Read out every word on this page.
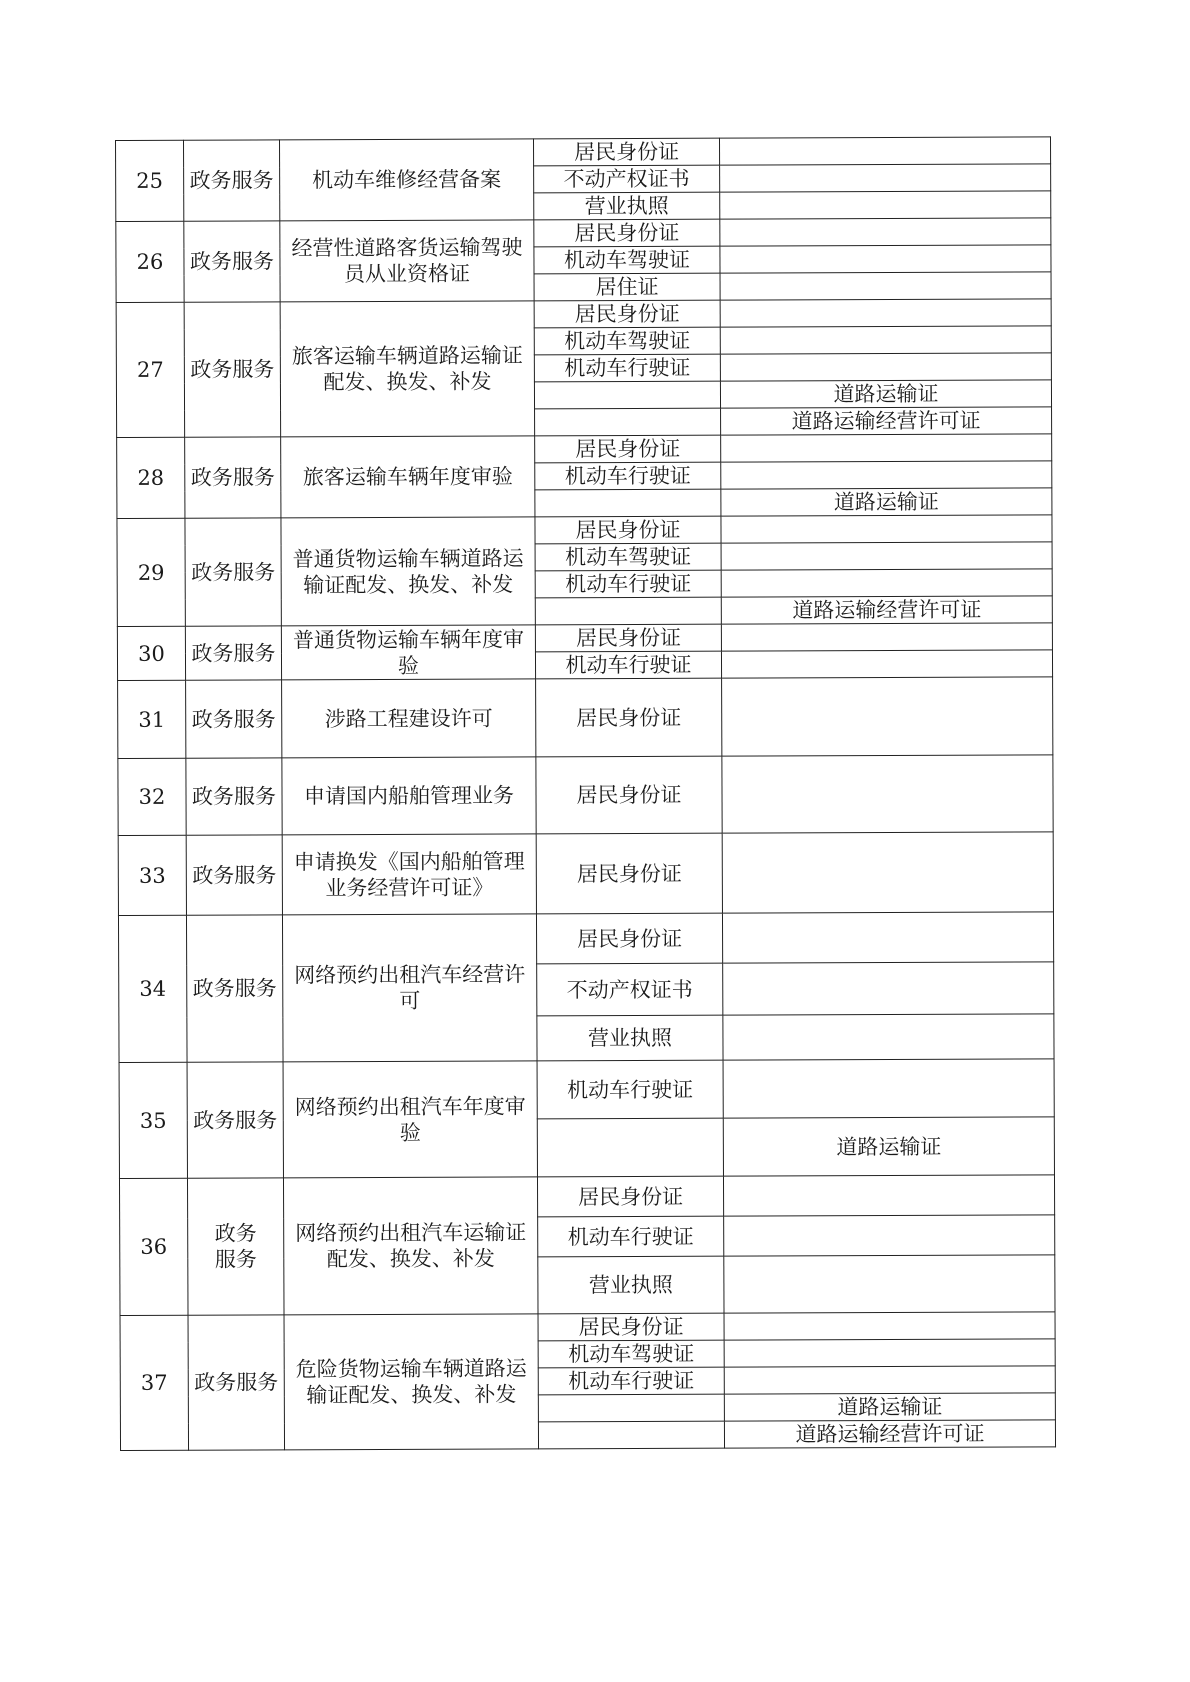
25	政务服务	机动车维修经营备案	居民身份证	
			不动产权证书	
			营业执照	
26	政务服务	经营性道路客货运输驾驶员从业资格证	居民身份证	
			机动车驾驶证	
			居住证	
27	政务服务	旅客运输车辆道路运输证配发、换发、补发	居民身份证	
			机动车驾驶证	
			机动车行驶证	
				道路运输证
				道路运输经营许可证
28	政务服务	旅客运输车辆年度审验	居民身份证	
			机动车行驶证	
				道路运输证
29	政务服务	普通货物运输车辆道路运输证配发、换发、补发	居民身份证	
			机动车驾驶证	
			机动车行驶证	
				道路运输经营许可证
30	政务服务	普通货物运输车辆年度审验	居民身份证	
			机动车行驶证	
31	政务服务	涉路工程建设许可	居民身份证	
32	政务服务	申请国内船舶管理业务	居民身份证	
33	政务服务	申请换发《国内船舶管理业务经营许可证》	居民身份证	
34	政务服务	网络预约出租汽车经营许可	居民身份证	
			不动产权证书	
			营业执照	
35	政务服务	网络预约出租汽车年度审验	机动车行驶证	
				道路运输证
36	政务服务	网络预约出租汽车运输证配发、换发、补发	居民身份证	
			机动车行驶证	
			营业执照	
37	政务服务	危险货物运输车辆道路运输证配发、换发、补发	居民身份证	
			机动车驾驶证	
			机动车行驶证	
				道路运输证
				道路运输经营许可证
